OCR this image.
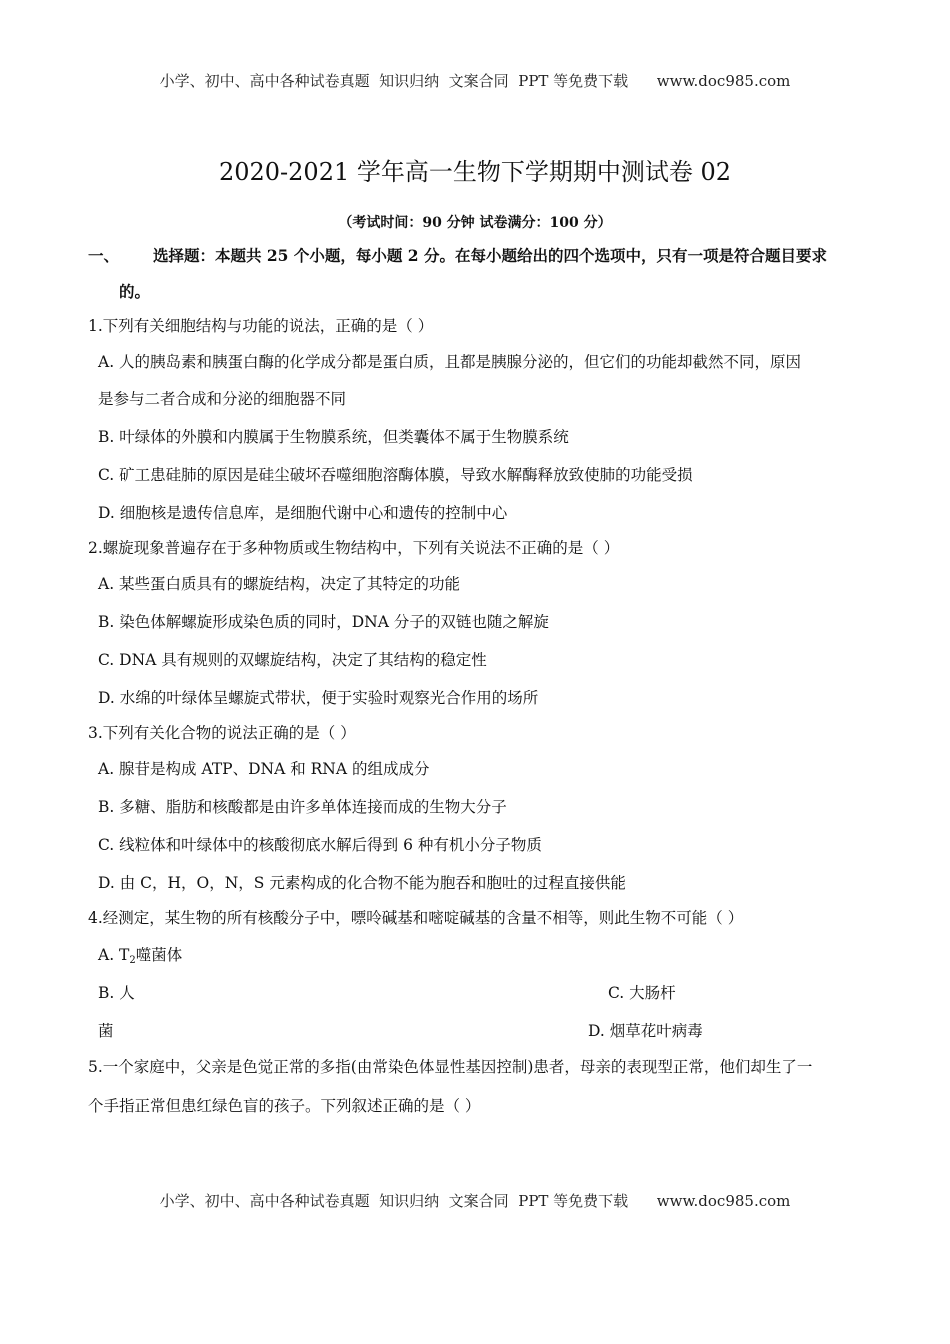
小学、初中、高中各种试卷真题  知识归纳  文案合同  PPT 等免费下载      www.doc985.com
2020-2021 学年高一生物下学期期中测试卷 02
（考试时间：90 分钟 试卷满分：100 分）
一、 选择题：本题共 25 个小题，每小题 2 分。在每小题给出的四个选项中，只有一项是符合题目要求
的。
1.下列有关细胞结构与功能的说法，正确的是（ ）
A. 人的胰岛素和胰蛋白酶的化学成分都是蛋白质，且都是胰腺分泌的，但它们的功能却截然不同，原因
是参与二者合成和分泌的细胞器不同
B. 叶绿体的外膜和内膜属于生物膜系统，但类囊体不属于生物膜系统
C. 矿工患硅肺的原因是硅尘破坏吞噬细胞溶酶体膜，导致水解酶释放致使肺的功能受损
D. 细胞核是遗传信息库，是细胞代谢中心和遗传的控制中心
2.螺旋现象普遍存在于多种物质或生物结构中，下列有关说法不正确的是（ ）
A. 某些蛋白质具有的螺旋结构，决定了其特定的功能
B. 染色体解螺旋形成染色质的同时，DNA 分子的双链也随之解旋
C. DNA 具有规则的双螺旋结构，决定了其结构的稳定性
D. 水绵的叶绿体呈螺旋式带状，便于实验时观察光合作用的场所
3.下列有关化合物的说法正确的是（ ）
A. 腺苷是构成 ATP、DNA 和 RNA 的组成成分
B. 多糖、脂肪和核酸都是由许多单体连接而成的生物大分子
C. 线粒体和叶绿体中的核酸彻底水解后得到 6 种有机小分子物质
D. 由 C，H，O，N，S 元素构成的化合物不能为胞吞和胞吐的过程直接供能
4.经测定，某生物的所有核酸分子中，嘌呤碱基和嘧啶碱基的含量不相等，则此生物不可能（ ）
A. T2噬菌体
B. 人	C. 大肠杆
菌	D. 烟草花叶病毒
5.一个家庭中，父亲是色觉正常的多指(由常染色体显性基因控制)患者，母亲的表现型正常，他们却生了一
个手指正常但患红绿色盲的孩子。下列叙述正确的是（ ）
小学、初中、高中各种试卷真题  知识归纳  文案合同  PPT 等免费下载      www.doc985.com
